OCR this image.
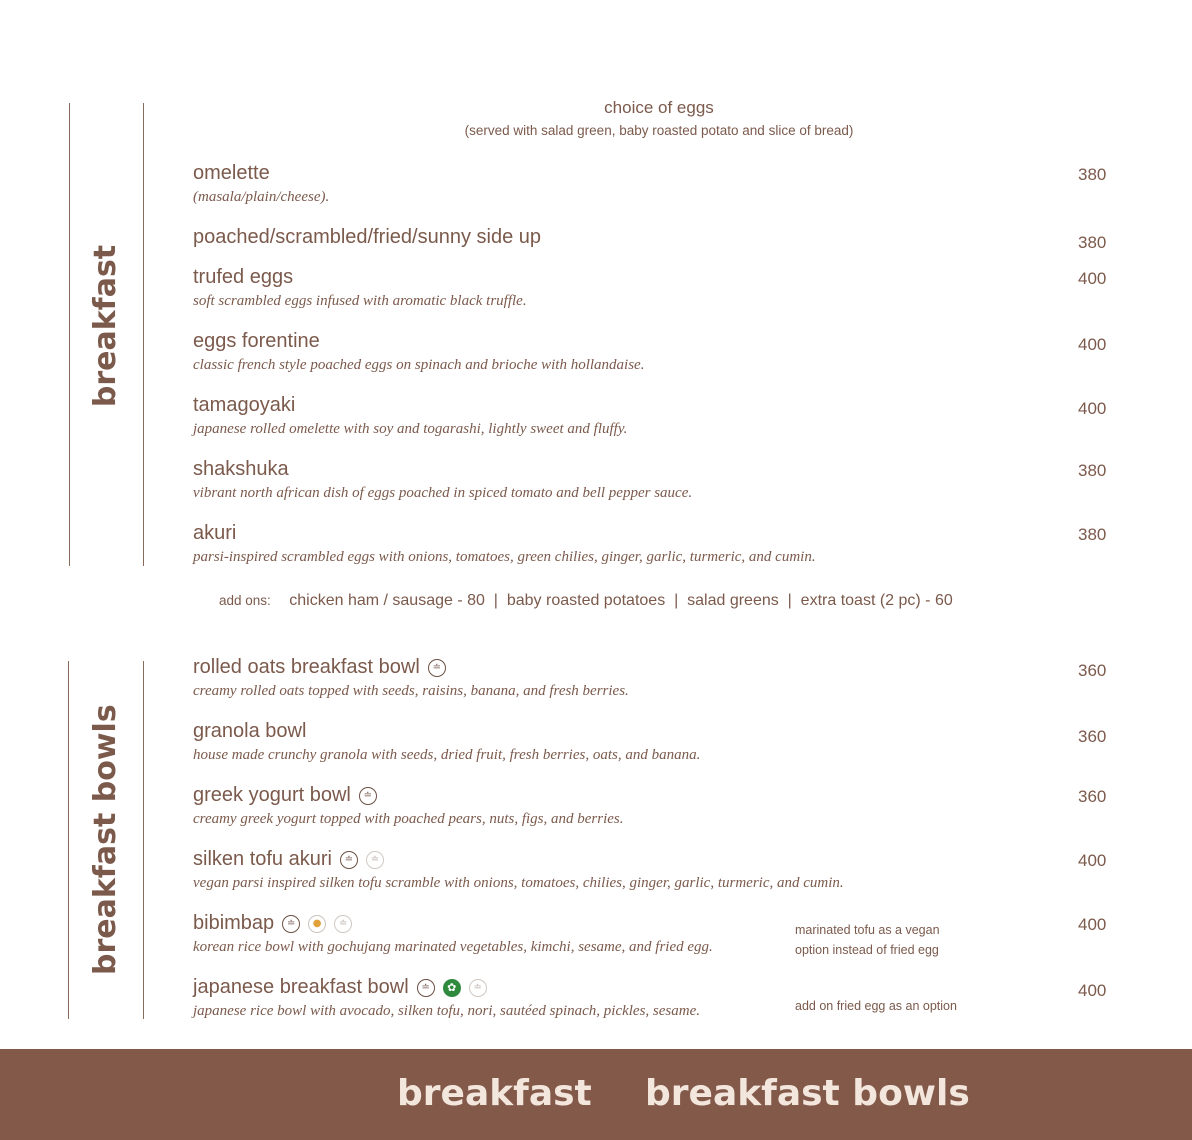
breakfast
breakfast bowls
choice of eggs
(served with salad green, baby roasted potato and slice of bread)
omelette
(masala/plain/cheese).
380
poached/scrambled/fried/sunny side up	380
trufed eggs
soft scrambled eggs infused with aromatic black truffle.
400
eggs forentine
classic french style poached eggs on spinach and brioche with hollandaise.
400
tamagoyaki
japanese rolled omelette with soy and togarashi, lightly sweet and fluffy.
400
shakshuka
vibrant north african dish of eggs poached in spiced tomato and bell pepper sauce.
380
akuri
parsi-inspired scrambled eggs with onions, tomatoes, green chilies, ginger, garlic, turmeric, and cumin.
380
add ons: chicken ham / sausage - 80  |  baby roasted potatoes  |  salad greens  |  extra toast (2 pc) - 60
rolled oats breakfast bowl	≐
creamy rolled oats topped with seeds, raisins, banana, and fresh berries.
360
granola bowl
house made crunchy granola with seeds, dried fruit, fresh berries, oats, and banana.
360
greek yogurt bowl	≐
creamy greek yogurt topped with poached pears, nuts, figs, and berries.
360
silken tofu akuri	≐	≐
vegan parsi inspired silken tofu scramble with onions, tomatoes, chilies, ginger, garlic, turmeric, and cumin.
400
bibimbap	≐	●	≐
korean rice bowl with gochujang marinated vegetables, kimchi, sesame, and fried egg.
400
marinated tofu as a vegan
option instead of fried egg
japanese breakfast bowl	≐	✿	≐
japanese rice bowl with avocado, silken tofu, nori, sautéed spinach, pickles, sesame.
400
add on fried egg as an option
breakfast breakfast bowls
